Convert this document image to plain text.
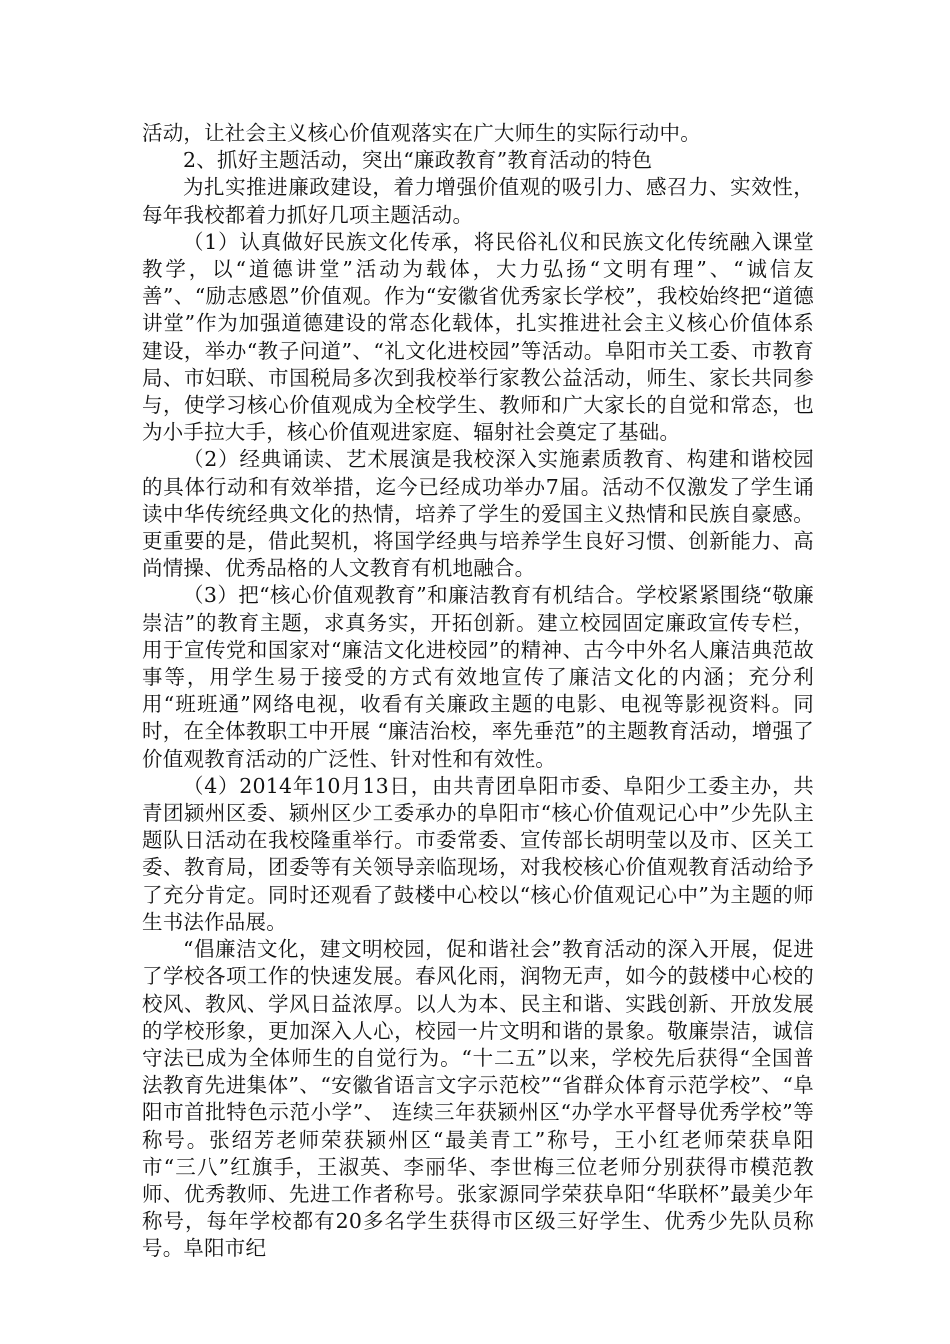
活动，让社会主义核心价值观落实在广大师生的实际行动中。

2、抓好主题活动，突出“廉政教育”教育活动的特色

为扎实推进廉政建设，着力增强价值观的吸引力、感召力、实效性，每年我校都着力抓好几项主题活动。

（1）认真做好民族文化传承，将民俗礼仪和民族文化传统融入课堂教学，以“道德讲堂”活动为载体，大力弘扬“文明有理”、“诚信友善”、“励志感恩”价值观。作为“安徽省优秀家长学校”，我校始终把“道德讲堂”作为加强道德建设的常态化载体，扎实推进社会主义核心价值体系建设，举办“教子问道”、“礼文化进校园”等活动。阜阳市关工委、市教育局、市妇联、市国税局多次到我校举行家教公益活动，师生、家长共同参与，使学习核心价值观成为全校学生、教师和广大家长的自觉和常态，也为小手拉大手，核心价值观进家庭、辐射社会奠定了基础。

（2）经典诵读、艺术展演是我校深入实施素质教育、构建和谐校园的具体行动和有效举措，迄今已经成功举办7届。活动不仅激发了学生诵读中华传统经典文化的热情，培养了学生的爱国主义热情和民族自豪感。更重要的是，借此契机，将国学经典与培养学生良好习惯、创新能力、高尚情操、优秀品格的人文教育有机地融合。

（3）把“核心价值观教育”和廉洁教育有机结合。学校紧紧围绕“敬廉崇洁”的教育主题，求真务实，开拓创新。建立校园固定廉政宣传专栏，用于宣传党和国家对“廉洁文化进校园”的精神、古今中外名人廉洁典范故事等，用学生易于接受的方式有效地宣传了廉洁文化的内涵；充分利用“班班通”网络电视，收看有关廉政主题的电影、电视等影视资料。同时，在全体教职工中开展 “廉洁治校，率先垂范”的主题教育活动，增强了价值观教育活动的广泛性、针对性和有效性。

（4）2014年10月13日，由共青团阜阳市委、阜阳少工委主办，共青团颍州区委、颍州区少工委承办的阜阳市“核心价值观记心中”少先队主题队日活动在我校隆重举行。市委常委、宣传部长胡明莹以及市、区关工委、教育局，团委等有关领导亲临现场，对我校核心价值观教育活动给予了充分肯定。同时还观看了鼓楼中心校以“核心价值观记心中”为主题的师生书法作品展。

“倡廉洁文化，建文明校园，促和谐社会”教育活动的深入开展，促进了学校各项工作的快速发展。春风化雨，润物无声，如今的鼓楼中心校的校风、教风、学风日益浓厚。以人为本、民主和谐、实践创新、开放发展的学校形象，更加深入人心，校园一片文明和谐的景象。敬廉崇洁，诚信守法已成为全体师生的自觉行为。“十二五”以来，学校先后获得“全国普法教育先进集体”、“安徽省语言文字示范校”“省群众体育示范学校”、“阜阳市首批特色示范小学”、 连续三年获颍州区“办学水平督导优秀学校”等称号。张绍芳老师荣获颍州区“最美青工”称号，王小红老师荣获阜阳市“三八”红旗手，王淑英、李丽华、李世梅三位老师分别获得市模范教师、优秀教师、先进工作者称号。张家源同学荣获阜阳“华联杯”最美少年称号，每年学校都有20多名学生获得市区级三好学生、优秀少先队员称号。阜阳市纪
